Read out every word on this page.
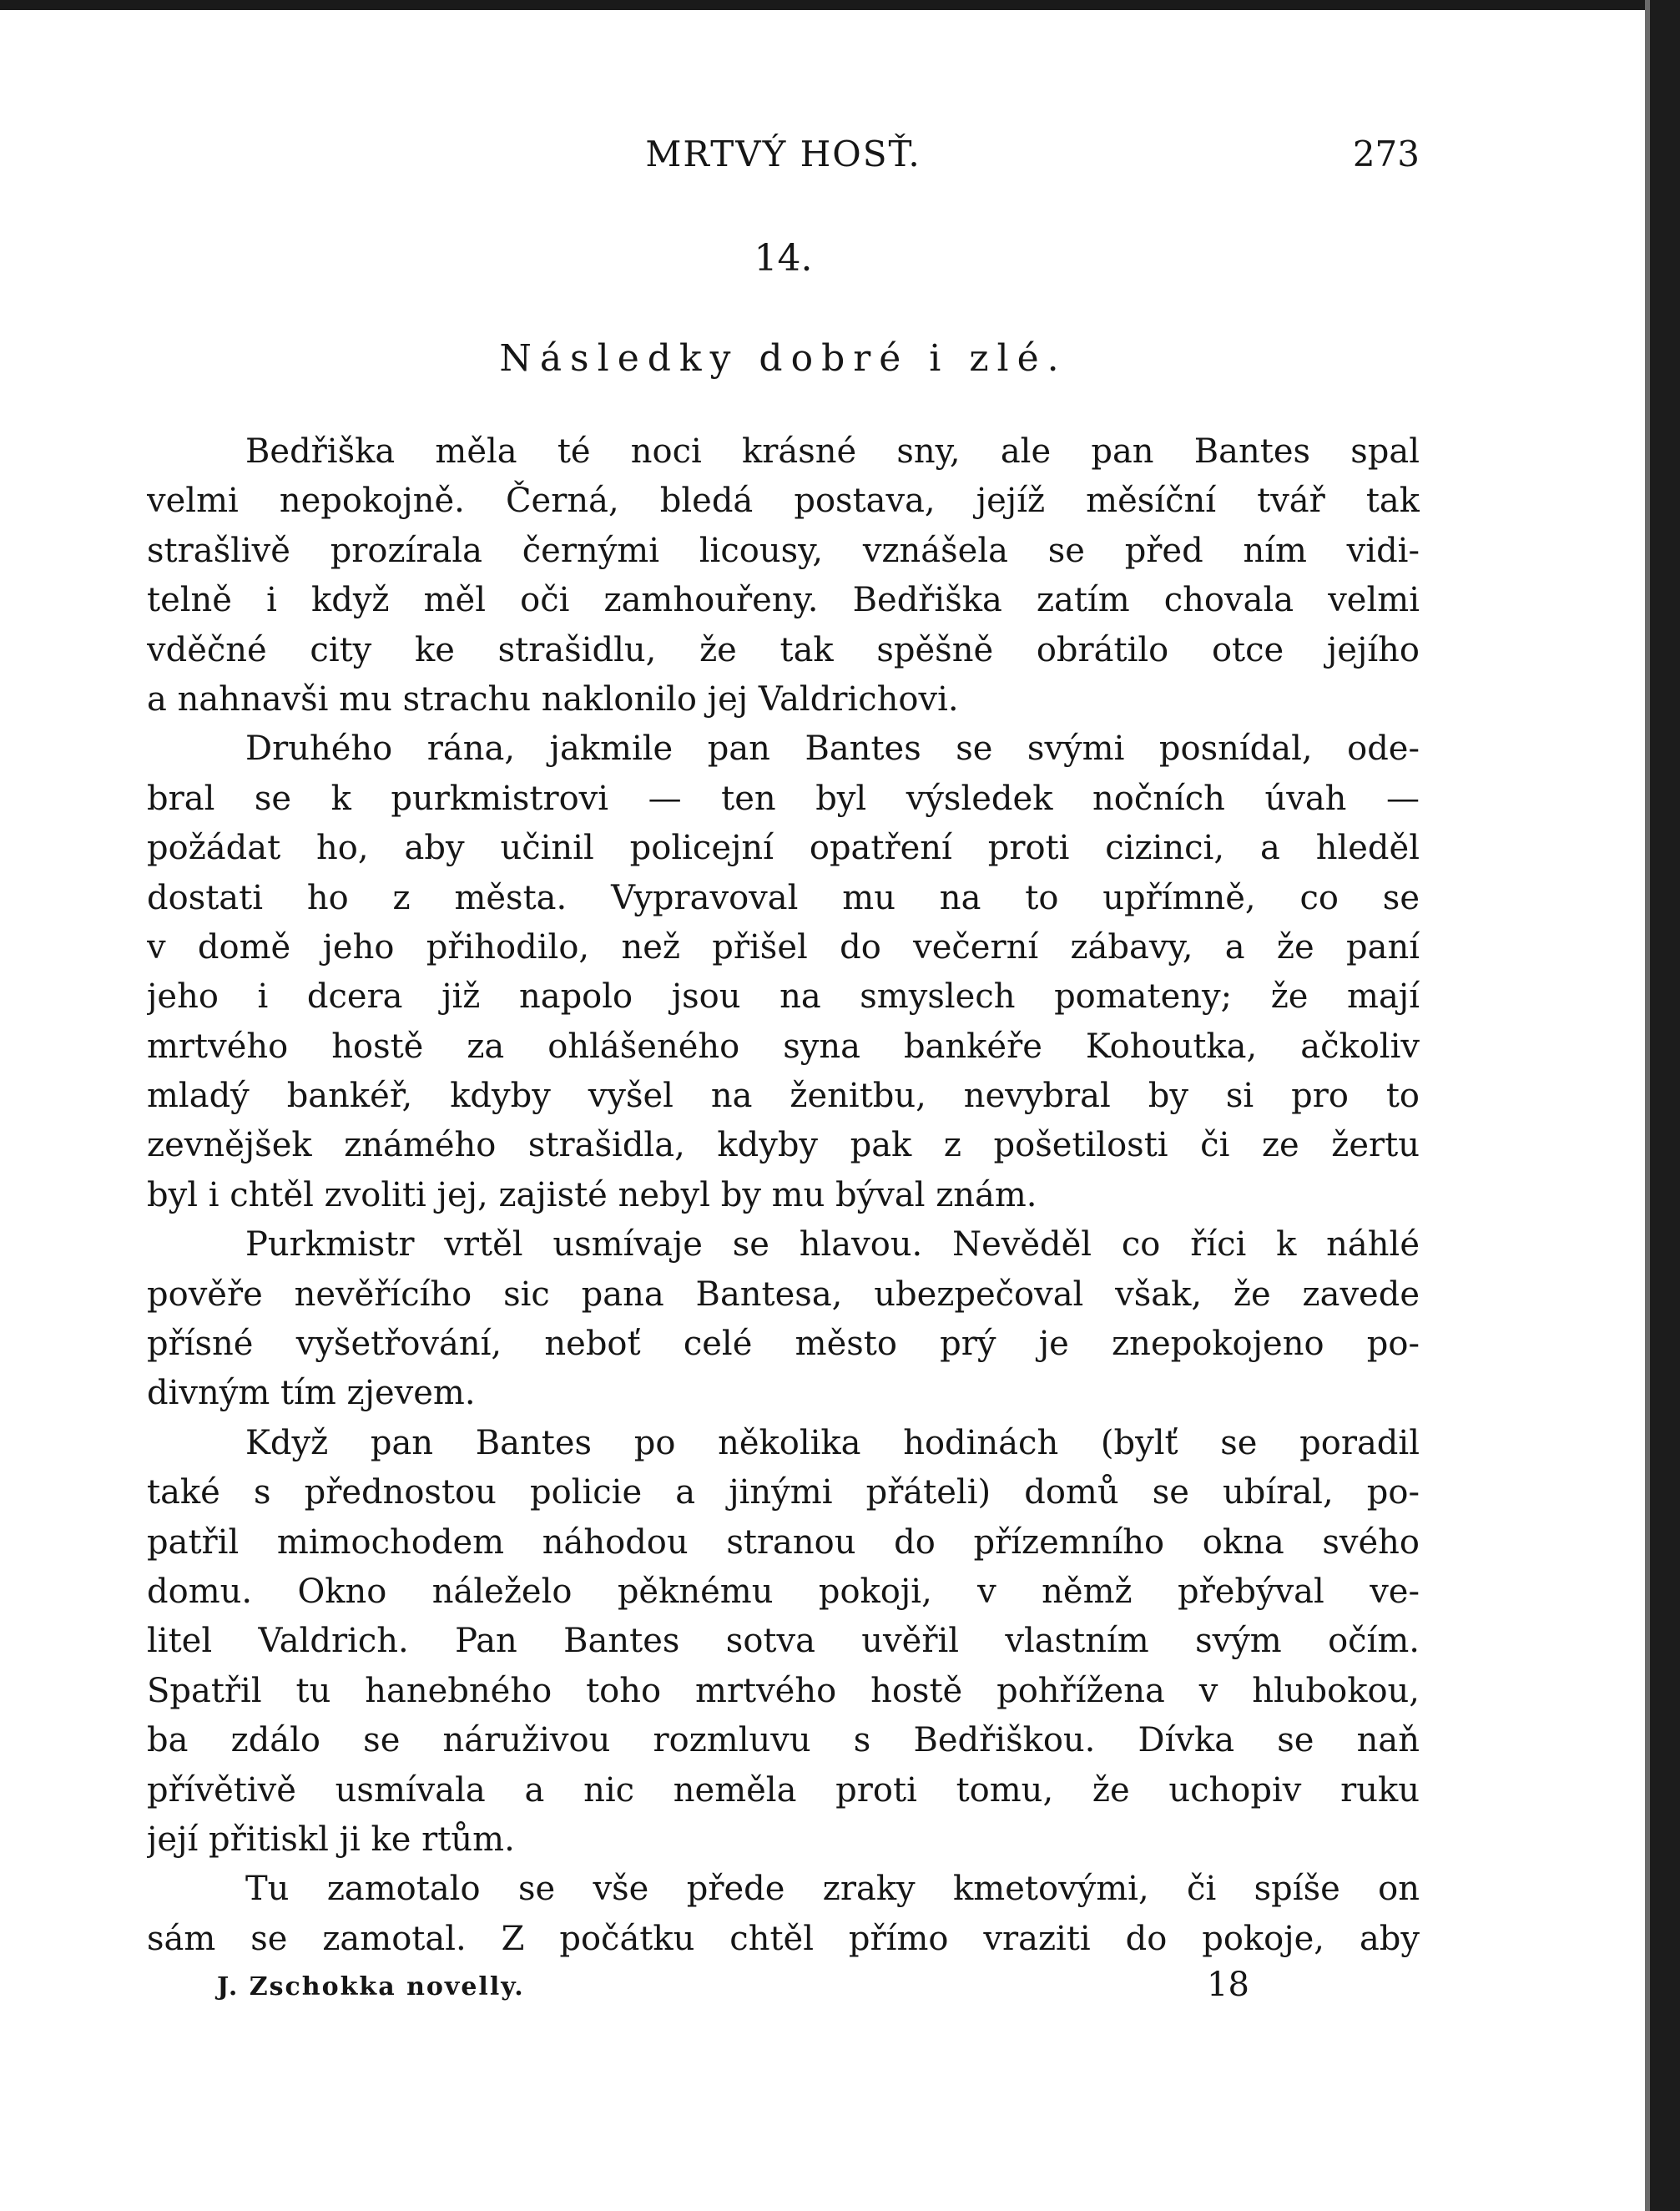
MRTVÝ HOSŤ.	273
14.
Následky dobré i zlé.
Bedřiška měla té noci krásné sny, ale pan Bantes spal
velmi nepokojně. Černá, bledá postava, jejíž měsíční tvář tak
strašlivě prozírala černými licousy, vznášela se před ním vidi-
telně i když měl oči zamhouřeny. Bedřiška zatím chovala velmi
vděčné city ke strašidlu, že tak spěšně obrátilo otce jejího
a nahnavši mu strachu naklonilo jej Valdrichovi.
Druhého rána, jakmile pan Bantes se svými posnídal, ode-
bral se k purkmistrovi — ten byl výsledek nočních úvah —
požádat ho, aby učinil policejní opatření proti cizinci, a hleděl
dostati ho z města. Vypravoval mu na to upřímně, co se
v domě jeho přihodilo, než přišel do večerní zábavy, a že paní
jeho i dcera již napolo jsou na smyslech pomateny; že mají
mrtvého hostě za ohlášeného syna bankéře Kohoutka, ačkoliv
mladý bankéř, kdyby vyšel na ženitbu, nevybral by si pro to
zevnějšek známého strašidla, kdyby pak z pošetilosti či ze žertu
byl i chtěl zvoliti jej, zajisté nebyl by mu býval znám.
Purkmistr vrtěl usmívaje se hlavou. Nevěděl co říci k náhlé
pověře nevěřícího sic pana Bantesa, ubezpečoval však, že zavede
přísné vyšetřování, neboť celé město prý je znepokojeno po-
divným tím zjevem.
Když pan Bantes po několika hodinách (bylť se poradil
také s přednostou policie a jinými přáteli) domů se ubíral, po-
patřil mimochodem náhodou stranou do přízemního okna svého
domu. Okno náleželo pěknému pokoji, v němž přebýval ve-
litel Valdrich. Pan Bantes sotva uvěřil vlastním svým očím.
Spatřil tu hanebného toho mrtvého hostě pohřížena v hlubokou,
ba zdálo se náruživou rozmluvu s Bedřiškou. Dívka se naň
přívětivě usmívala a nic neměla proti tomu, že uchopiv ruku
její přitiskl ji ke rtům.
Tu zamotalo se vše přede zraky kmetovými, či spíše on
sám se zamotal. Z počátku chtěl přímo vraziti do pokoje, aby
J. Zschokka novelly.	18
